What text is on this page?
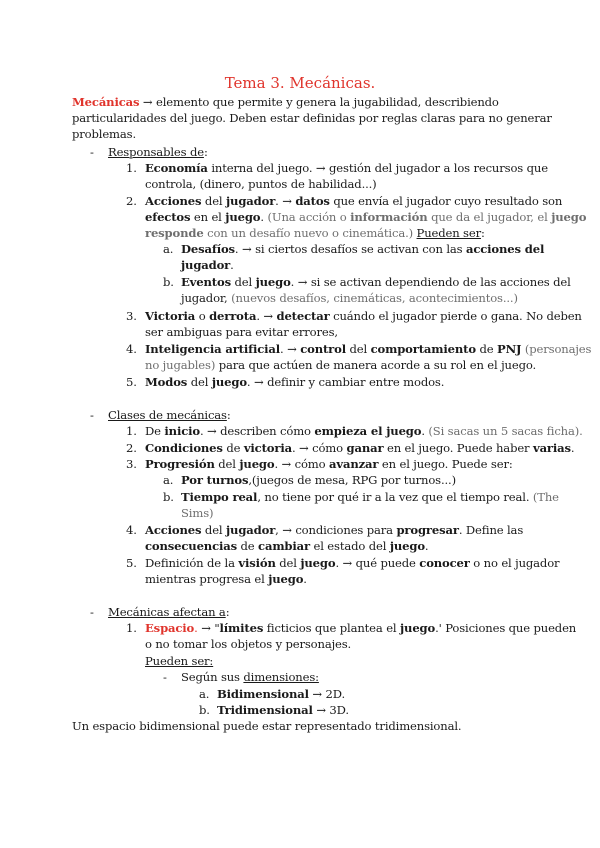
Tema 3. Mecánicas.
Mecánicas → elemento que permite y genera la jugabilidad, describiendo
particularidades del juego. Deben estar definidas por reglas claras para no generar
problemas.
- Responsables de:
1. Economía interna del juego. → gestión del jugador a los recursos que
controla, (dinero, puntos de habilidad...)
2. Acciones del jugador. → datos que envía el jugador cuyo resultado son
efectos en el juego. (Una acción o información que da el jugador, el juego
responde con un desafío nuevo o cinemática.) Pueden ser:
a. Desafíos. → si ciertos desafíos se activan con las acciones del
jugador.
b. Eventos del juego. → si se activan dependiendo de las acciones del
jugador, (nuevos desafíos, cinemáticas, acontecimientos...)
3. Victoria o derrota. → detectar cuándo el jugador pierde o gana. No deben
ser ambiguas para evitar errores,
4. Inteligencia artificial. → control del comportamiento de PNJ (personajes
no jugables) para que actúen de manera acorde a su rol en el juego.
5. Modos del juego. → definir y cambiar entre modos.
- Clases de mecánicas:
1. De inicio. → describen cómo empieza el juego. (Si sacas un 5 sacas ficha).
2. Condiciones de victoria. → cómo ganar en el juego. Puede haber varias.
3. Progresión del juego. → cómo avanzar en el juego. Puede ser:
a. Por turnos,(juegos de mesa, RPG por turnos...)
b. Tiempo real, no tiene por qué ir a la vez que el tiempo real. (The
Sims)
4. Acciones del jugador, → condiciones para progresar. Define las
consecuencias de cambiar el estado del juego.
5. Definición de la visión del juego. → qué puede conocer o no el jugador
mientras progresa el juego.
- Mecánicas afectan a:
1. Espacio. → "límites ficticios que plantea el juego.' Posiciones que pueden
o no tomar los objetos y personajes.
Pueden ser:
- Según sus dimensiones:
a. Bidimensional → 2D.
b. Tridimensional → 3D.
Un espacio bidimensional puede estar representado tridimensional.
